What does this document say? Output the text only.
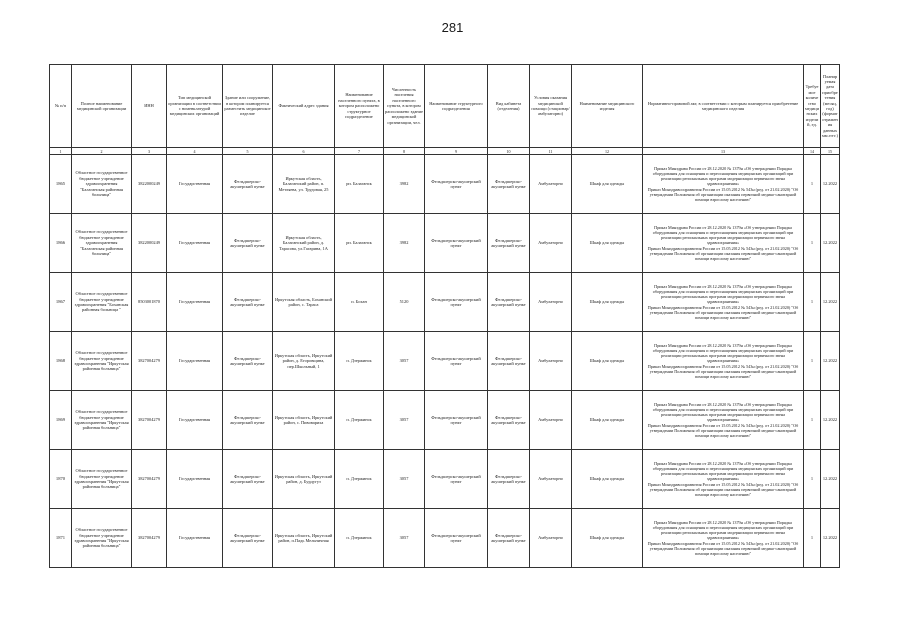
281
№ п/п	Полное наименование медицинской организации	ИНН	Тип медицинской организации в соответствии с номенклатурой медицинских организаций	Здание или сооружение, в котором планируется разместить медицинское изделие	Фактический адрес здания	Наименование населенного пункта, в котором расположено структурное подразделение	Численность населения населенного пункта, в котором расположено здание медицинской организации, чел.	Наименование структурного подразделения	Вид кабинета (отделения)	Условия оказания медицинской помощи (стационар/амбулаторно)	Наименование медицинского изделия	Нормативно-правовой акт, в соответствии с которым планируется приобретение медицинского изделия	Требуемое количество медицинских изделий, ед.	Планируемая дата приобретения (месяц, год) (формат отражения данных мм.гггг.)
1	2	3	4	5	6	7	8	9	10	11	12	13	14	15
1865	Областное государственное бюджетное учреждение здравоохранения "Балаганская районная больница"	3822000249	Государственная	Фельдшерско-акушерский пункт	Иркутская область, Балаганский район, п. Метляева, ул. Трудовая, 25	рп. Балаганск	3982	Фельдшерско-акушерский пункт	Фельдшерско-акушерский пункт	Амбулаторно	Шкаф для одежды	Приказ Минздрава России от 28.12.2020 № 1379н «Об утверждении Порядка оборудования для оснащения и переоснащения медицинских организаций при реализации региональных программ модернизации первичного звена здравоохранения»
Приказ Минздравсоцразвития России от 15.05.2012 № 543н (ред. от 21.02.2020) "Об утверждении Положения об организации оказания первичной медико-санитарной помощи взрослому населению"	1	12.2022
1866	Областное государственное бюджетное учреждение здравоохранения "Балаганская районная больница"	3822000249	Государственная	Фельдшерско-акушерский пункт	Иркутская область, Балаганский район, д. Тарасова, ул.Гагарина, 1А	рп. Балаганск	3982	Фельдшерско-акушерский пункт	Фельдшерско-акушерский пункт	Амбулаторно	Шкаф для одежды	Приказ Минздрава России от 28.12.2020 № 1379н «Об утверждении Порядка оборудования для оснащения и переоснащения медицинских организаций при реализации региональных программ модернизации первичного звена здравоохранения»
Приказ Минздравсоцразвития России от 15.05.2012 № 543н (ред. от 21.02.2020) "Об утверждении Положения об организации оказания первичной медико-санитарной помощи взрослому населению"	1	12.2022
1867	Областное государственное бюджетное учреждение здравоохранения "Боханская районная больница "	8503001870	Государственная	Фельдшерско-акушерский пункт	Иркутская область, Боханский район, с. Тараса	п. Бохан	5120	Фельдшерско-акушерский пункт	Фельдшерско-акушерский пункт	Амбулаторно	Шкаф для одежды	Приказ Минздрава России от 28.12.2020 № 1379н «Об утверждении Порядка оборудования для оснащения и переоснащения медицинских организаций при реализации региональных программ модернизации первичного звена здравоохранения»
Приказ Минздравсоцразвития России от 15.05.2012 № 543н (ред. от 21.02.2020) "Об утверждении Положения об организации оказания первичной медико-санитарной помощи взрослому населению"	1	12.2022
1868	Областное государственное бюджетное учреждение здравоохранения "Иркутская районная больница"	3827004279	Государственная	Фельдшерско-акушерский пункт	Иркутская область, Иркутский район, д. Егоровщина, пер.Школьный, 1	п. Дзержинск	3057	Фельдшерско-акушерский пункт	Фельдшерско-акушерский пункт	Амбулаторно	Шкаф для одежды	Приказ Минздрава России от 28.12.2020 № 1379н «Об утверждении Порядка оборудования для оснащения и переоснащения медицинских организаций при реализации региональных программ модернизации первичного звена здравоохранения»
Приказ Минздравсоцразвития России от 15.05.2012 № 543н (ред. от 21.02.2020) "Об утверждении Положения об организации оказания первичной медико-санитарной помощи взрослому населению"	1	12.2022
1869	Областное государственное бюджетное учреждение здравоохранения "Иркутская районная больница"	3827004279	Государственная	Фельдшерско-акушерский пункт	Иркутская область, Иркутский район, с. Пивовариха	п. Дзержинск	3057	Фельдшерско-акушерский пункт	Фельдшерско-акушерский пункт	Амбулаторно	Шкаф для одежды	Приказ Минздрава России от 28.12.2020 № 1379н «Об утверждении Порядка оборудования для оснащения и переоснащения медицинских организаций при реализации региональных программ модернизации первичного звена здравоохранения»
Приказ Минздравсоцразвития России от 15.05.2012 № 543н (ред. от 21.02.2020) "Об утверждении Положения об организации оказания первичной медико-санитарной помощи взрослому населению"	1	12.2022
1870	Областное государственное бюджетное учреждение здравоохранения "Иркутская районная больница"	3827004279	Государственная	Фельдшерско-акушерский пункт	Иркутская область, Иркутский район, д. Бурдугуз	п. Дзержинск	3057	Фельдшерско-акушерский пункт	Фельдшерско-акушерский пункт	Амбулаторно	Шкаф для одежды	Приказ Минздрава России от 28.12.2020 № 1379н «Об утверждении Порядка оборудования для оснащения и переоснащения медицинских организаций при реализации региональных программ модернизации первичного звена здравоохранения»
Приказ Минздравсоцразвития России от 15.05.2012 № 543н (ред. от 21.02.2020) "Об утверждении Положения об организации оказания первичной медико-санитарной помощи взрослому населению"	1	12.2022
1871	Областное государственное бюджетное учреждение здравоохранения "Иркутская районная больница"	3827004279	Государственная	Фельдшерско-акушерский пункт	Иркутская область, Иркутский район, п.Падь Мельничная	п. Дзержинск	3057	Фельдшерско-акушерский пункт	Фельдшерско-акушерский пункт	Амбулаторно	Шкаф для одежды	Приказ Минздрава России от 28.12.2020 № 1379н «Об утверждении Порядка оборудования для оснащения и переоснащения медицинских организаций при реализации региональных программ модернизации первичного звена здравоохранения»
Приказ Минздравсоцразвития России от 15.05.2012 № 543н (ред. от 21.02.2020) "Об утверждении Положения об организации оказания первичной медико-санитарной помощи взрослому населению"	1	12.2022
